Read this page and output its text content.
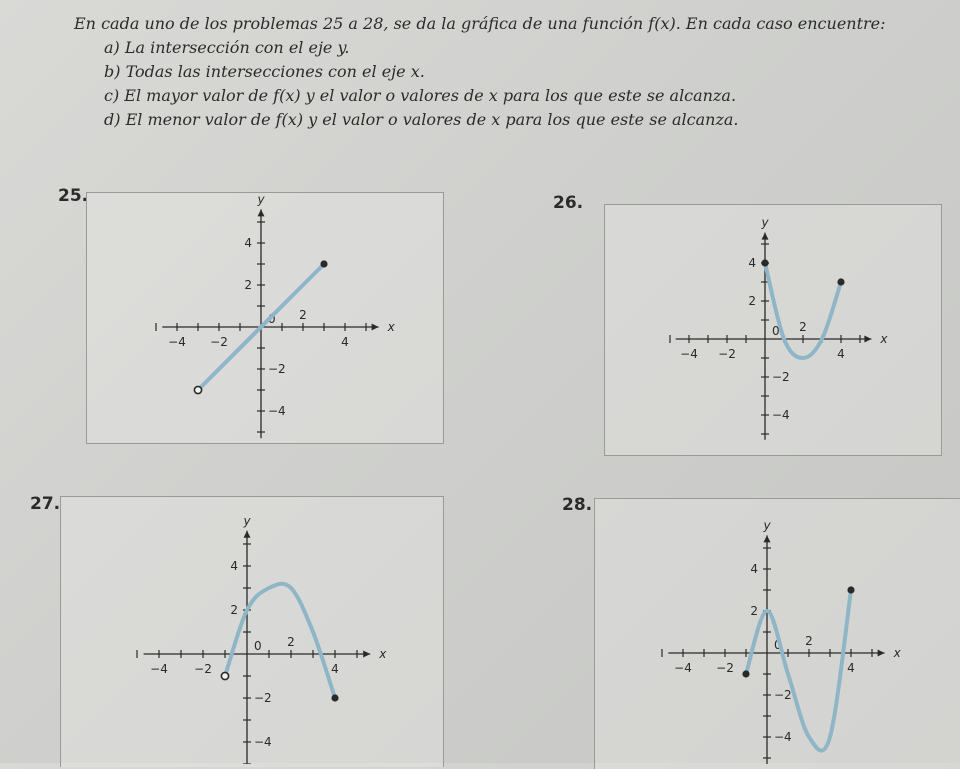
En cada uno de los problemas 25 a 28, se da la gráfica de una función f(x). En cada caso encuentre:

a) La intersección con el eje y.

b) Todas las intersecciones con el eje x.

c) El mayor valor de f(x) y el valor o valores de x para los que este se alcanza.

d) El menor valor de f(x) y el valor o valores de x para los que este se alcanza.

25.	26.
27.	28.
−4 −2
2
4
4
2
−2
−4
0
x
y
−4 −2
2
4
4
2
−2
−4
0
x
y
−4 −2
2
4
4
2
−2
−4
0
x
y
−4 −2
2
4
4
2
−2
−4
0
x
y
